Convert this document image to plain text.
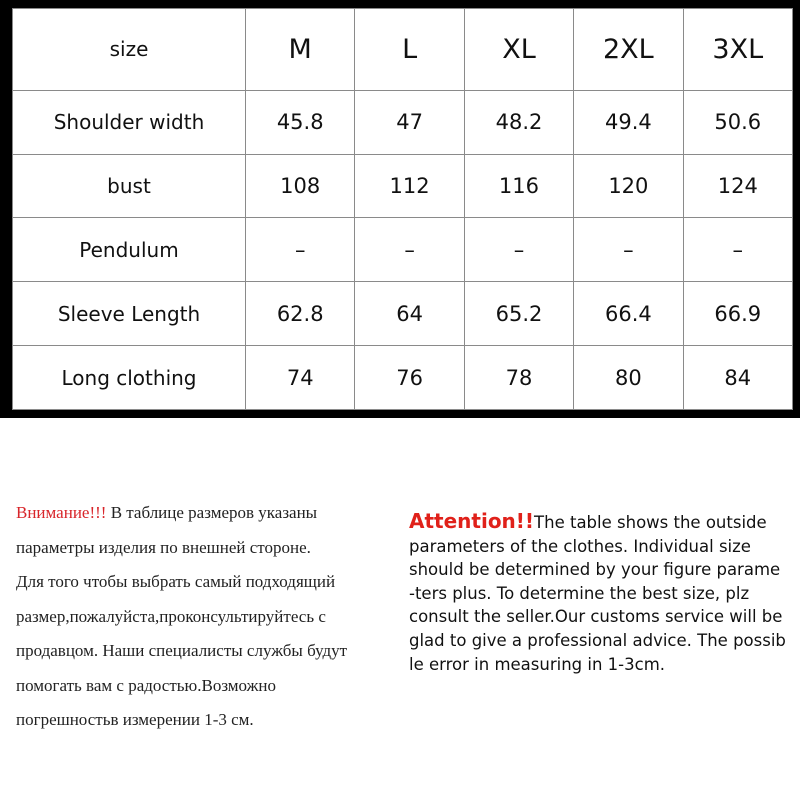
size	M	L	XL	2XL	3XL
Shoulder width	45.8	47	48.2	49.4	50.6
bust	108	112	116	120	124
Pendulum	–	–	–	–	–
Sleeve Length	62.8	64	65.2	66.4	66.9
Long clothing	74	76	78	80	84

Внимание!!! В таблице размеров указаны
параметры изделия по внешней стороне.
Для того чтобы выбрать самый подходящий
размер,пожалуйста,проконсультируйтесь с
продавцом. Наши специалисты службы будут
помогать вам с радостью.Возможно
погрешностьв измерении 1-3 см.

Attention!!The table shows the outside
parameters of the clothes. Individual size
should be determined by your figure parame
-ters plus. To determine the best size, plz
consult the seller.Our customs service will be
glad to give a professional advice. The possib
le error in measuring in 1-3cm.
